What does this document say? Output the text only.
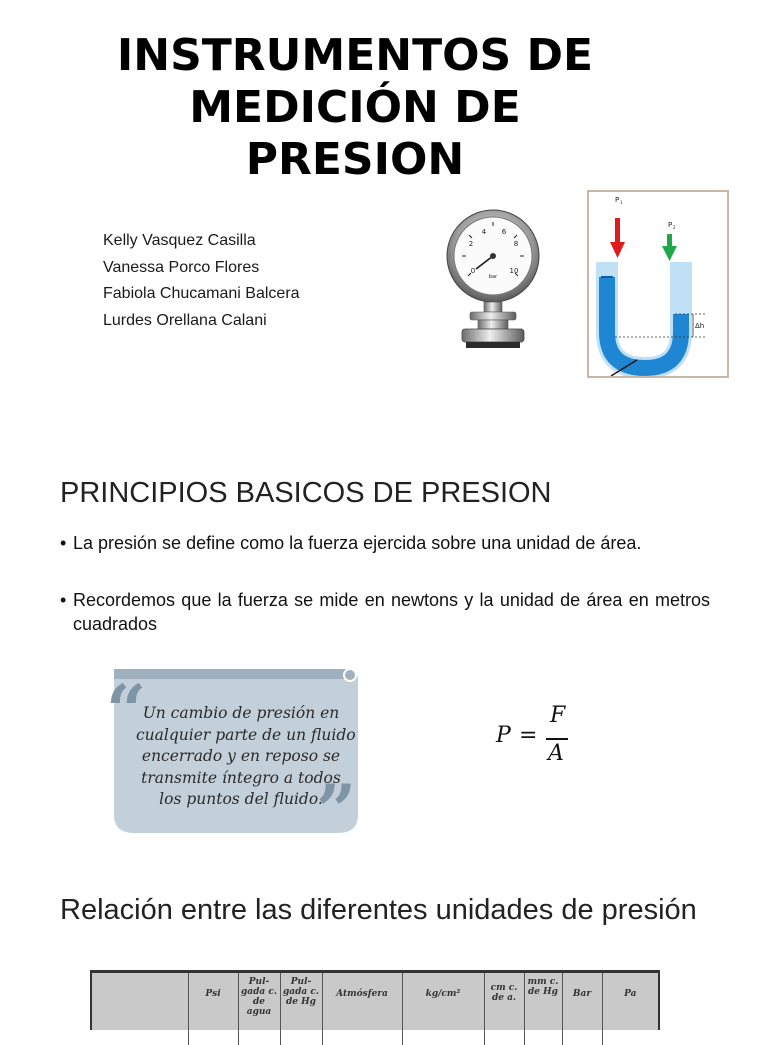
INSTRUMENTOS DE
MEDICIÓN DE
PRESION
Kelly Vasquez Casilla
Vanessa Porco Flores
Fabiola Chucamani Balcera
Lurdes Orellana Calani
0
2
4 6
8
10
bar
P 1
P 2
Δh
PRINCIPIOS BASICOS DE PRESION
• La presión se define como la fuerza ejercida sobre una unidad de área.
• Recordemos que la fuerza se mide en newtons y la unidad de área en metros cuadrados
“
”
Un cambio de presión en
cualquier parte de un fluido
encerrado y en reposo se
transmite íntegro a todos
los puntos del fluido.
P =
F
A
Relación entre las diferentes unidades de presión
	Psi	Pul-gada c. de agua	Pul-gada c. de Hg	Atmósfera	kg/cm²	cm c. de a.	mm c. de Hg	Bar	Pa
